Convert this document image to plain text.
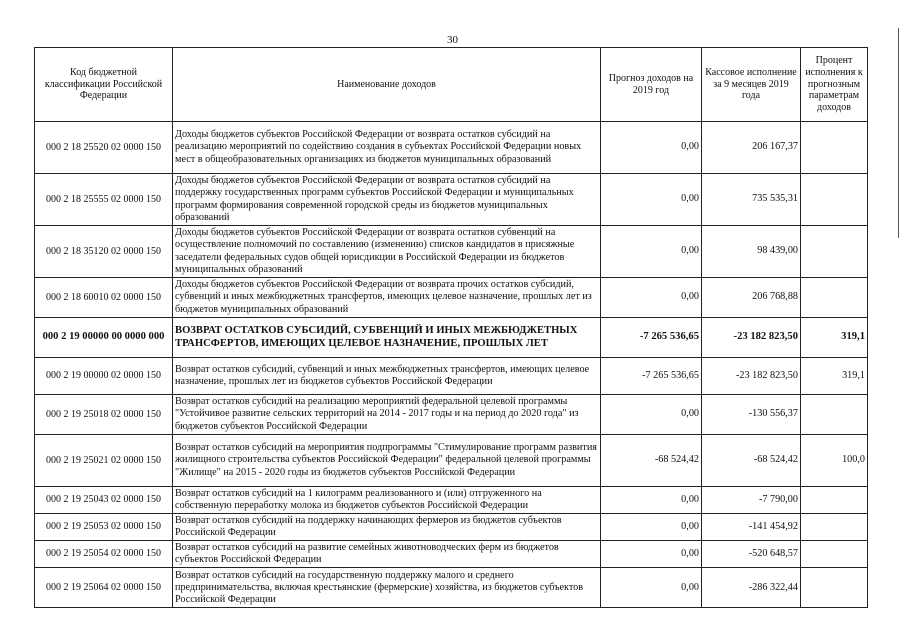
30
Код бюджетной классификации Российской Федерации	Наименование доходов	Прогноз доходов на 2019 год	Кассовое исполнение за 9 месяцев 2019 года	Процент исполнения к прогнозным параметрам доходов
000 2 18 25520 02 0000 150	Доходы бюджетов субъектов Российской Федерации от возврата остатков субсидий на реализацию мероприятий по содействию создания в субъектах Российской Федерации новых мест в общеобразовательных организациях из бюджетов муниципальных образований	0,00	206 167,37	
000 2 18 25555 02 0000 150	Доходы бюджетов субъектов Российской Федерации от возврата остатков субсидий на поддержку государственных программ субъектов Российской Федерации и муниципальных программ формирования современной городской среды из бюджетов муниципальных образований	0,00	735 535,31	
000 2 18 35120 02 0000 150	Доходы бюджетов субъектов Российской Федерации от возврата остатков субвенций на осуществление полномочий по составлению (изменению) списков кандидатов в присяжные заседатели федеральных судов общей юрисдикции в Российской Федерации из бюджетов муниципальных образований	0,00	98 439,00	
000 2 18 60010 02 0000 150	Доходы бюджетов субъектов Российской Федерации от возврата прочих остатков субсидий, субвенций и иных межбюджетных трансфертов, имеющих целевое назначение, прошлых лет из бюджетов муниципальных образований	0,00	206 768,88	
000 2 19 00000 00 0000 000	ВОЗВРАТ ОСТАТКОВ СУБСИДИЙ, СУБВЕНЦИЙ И ИНЫХ МЕЖБЮДЖЕТНЫХ ТРАНСФЕРТОВ, ИМЕЮЩИХ ЦЕЛЕВОЕ НАЗНАЧЕНИЕ, ПРОШЛЫХ ЛЕТ	-7 265 536,65	-23 182 823,50	319,1
000 2 19 00000 02 0000 150	Возврат остатков субсидий, субвенций и иных межбюджетных трансфертов, имеющих целевое назначение, прошлых лет из бюджетов субъектов Российской Федерации	-7 265 536,65	-23 182 823,50	319,1
000 2 19 25018 02 0000 150	Возврат остатков субсидий на реализацию мероприятий федеральной целевой программы "Устойчивое развитие сельских территорий на 2014 - 2017 годы и на период до 2020 года" из бюджетов субъектов Российской Федерации	0,00	-130 556,37	
000 2 19 25021 02 0000 150	Возврат остатков субсидий на мероприятия подпрограммы "Стимулирование программ развития жилищного строительства субъектов Российской Федерации" федеральной целевой программы "Жилище" на 2015 - 2020 годы из бюджетов субъектов Российской Федерации	-68 524,42	-68 524,42	100,0
000 2 19 25043 02 0000 150	Возврат остатков субсидий на 1 килограмм реализованного и (или) отгруженного на собственную переработку молока из бюджетов субъектов Российской Федерации	0,00	-7 790,00	
000 2 19 25053 02 0000 150	Возврат остатков субсидий на поддержку начинающих фермеров из бюджетов субъектов Российской Федерации	0,00	-141 454,92	
000 2 19 25054 02 0000 150	Возврат остатков субсидий на развитие семейных животноводческих ферм из бюджетов субъектов Российской Федерации	0,00	-520 648,57	
000 2 19 25064 02 0000 150	Возврат остатков субсидий на государственную поддержку малого и среднего предпринимательства, включая крестьянские (фермерские) хозяйства, из бюджетов субъектов Российской Федерации	0,00	-286 322,44	
